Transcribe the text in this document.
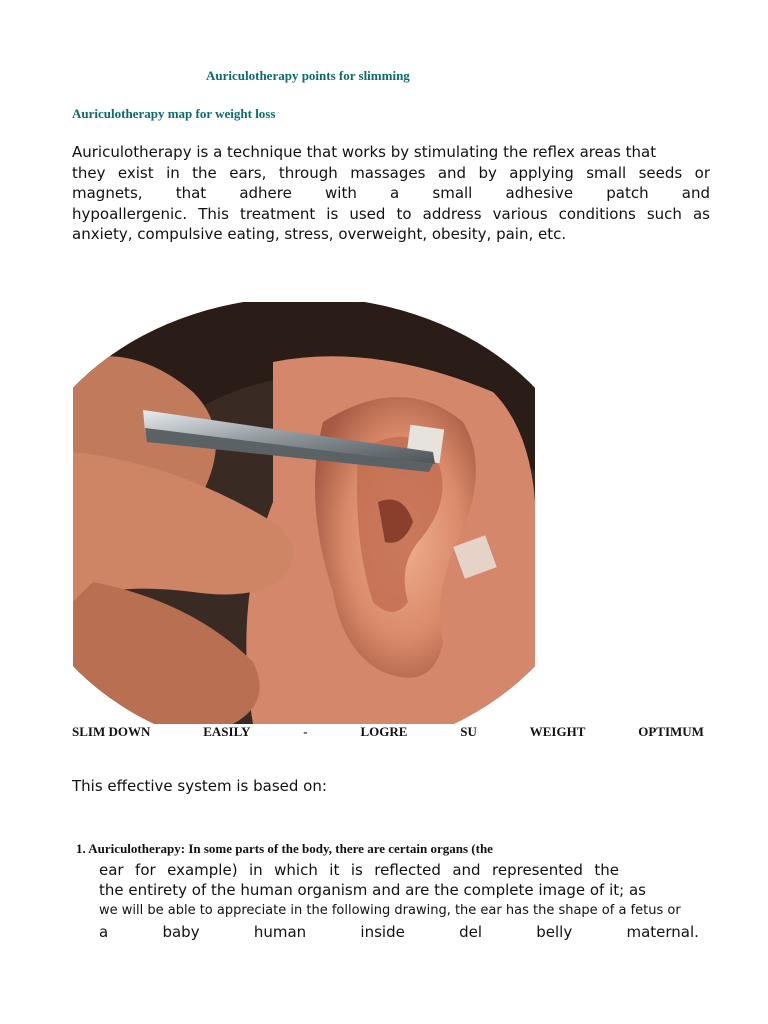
Auriculotherapy points for slimming
Auriculotherapy map for weight loss
Auriculotherapy is a technique that works by stimulating the reflex areas that
they exist in the ears, through massages and by applying small seeds or
magnets, that adhere with a small adhesive patch and
hypoallergenic. This treatment is used to address various conditions such as
anxiety, compulsive eating, stress, overweight, obesity, pain, etc.
SLIM DOWN	EASILY	-	LOGRE	SU	WEIGHT	OPTIMUM
This effective system is based on:
1. Auriculotherapy: In some parts of the body, there are certain organs (the
ear for example) in which it is reflected and represented the
the entirety of the human organism and are the complete image of it; as
we will be able to appreciate in the following drawing, the ear has the shape of a fetus or
a	baby	human	inside	del	belly	maternal.
